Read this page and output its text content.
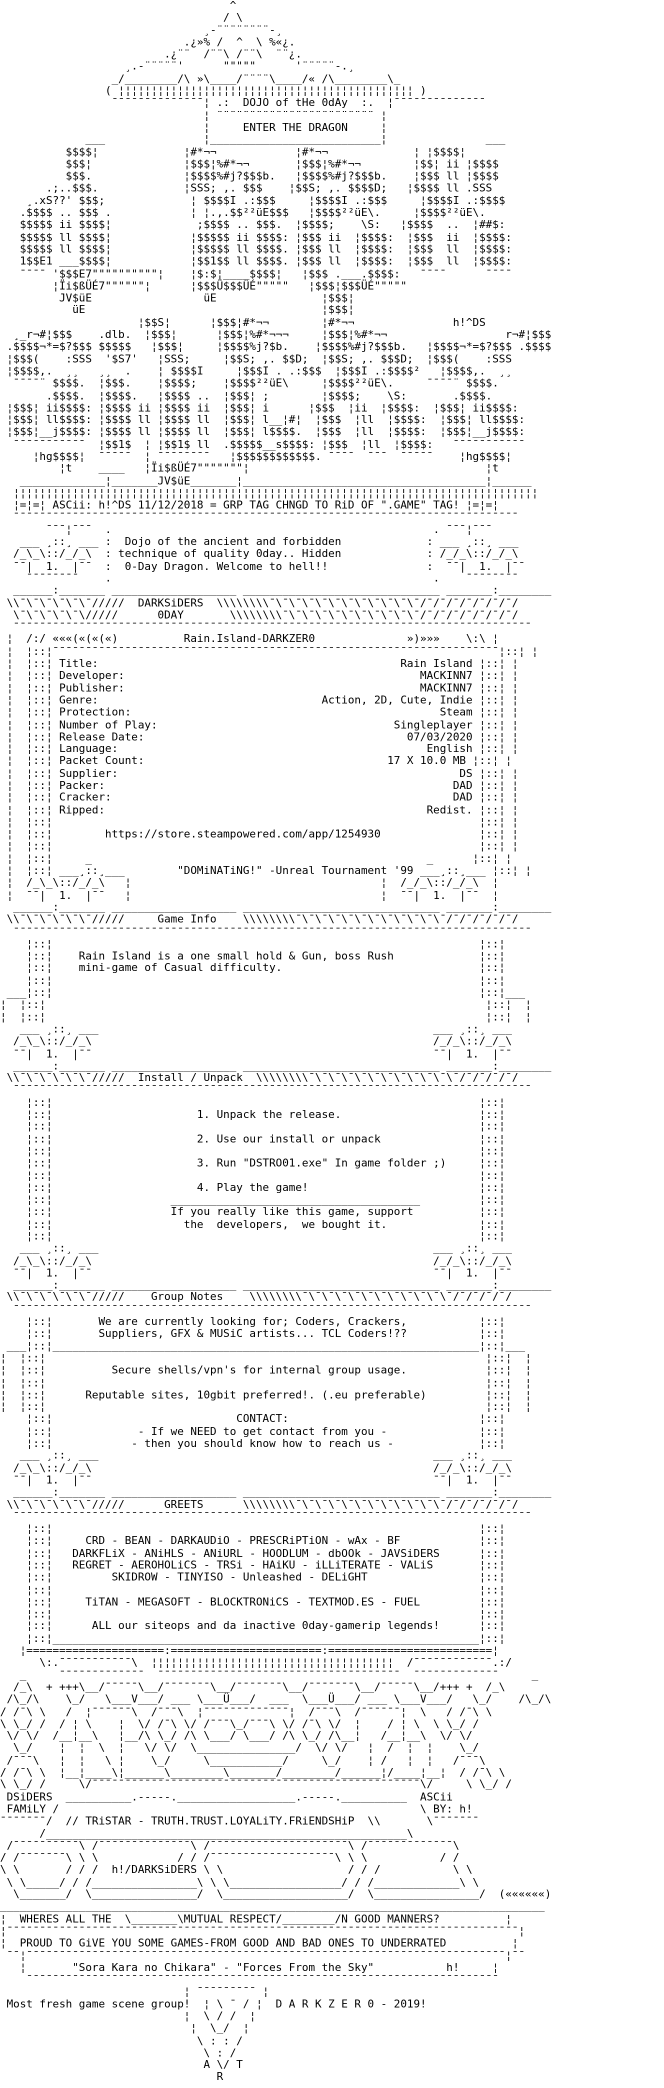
^
/ \
¸-¨¨¨¨¨¨¨¨-¸
.¿»% /  ^  \ %«¿.
.¿¨¨  /¨¨\ /¨¨\  ¨¨¿.
¸.-¨¨¨¨¨'      """""      '¨¨¨¨¨-.¸
_/________/\ »\____/¨¨¨¨\____/« /\________\_
( ¦¦¦¦¦¦¦¦¦¦¦¦¦¦¦¦¦¦¦¦¦¦¦¦¦¦¦¦¦¦¦¦¦¦¦¦¦¦¦¦¦¦¦¦¦ )
¯¯¯¯¯¯¯¯¯¯¯¯¯¯¦ .:  DOJO of tHe 0dAy  :.  ¦¯¯¯¯¯¯¯¯¯¯¯¯¯¯
¦ ¨¨¨¨¨¨¨¨¨¨¨¨¨¨¨¨¨¨¨¨¨¨¨¨ ¦
¦     ENTER THE DRAGON     ¦
___               ¦__________________________¦               ___
$$$$¦             ¦#*¬¬            ¦#*¬¬             ¦ ¦$$$$¦
$$$¦              ¦$$$¦%#*¬¬       ¦$$$¦%#*¬¬        ¦$$¦ ii ¦$$$$
$$$.              ¦$$$$%#j?$$$b.   ¦$$$$%#j?$$$b.    ¦$$$ ll ¦$$$$
.;..$$$.             ¦SSS; ,. $$$    ¦$$S; ,. $$$$D;   ¦$$$$ ll .SSS
¸.xS??' $$$;             ¦ $$$$I .:$$$     ¦$$$$I .:$$$     ¦$$$$I .:$$$$
.$$$$ .. $$$ .            ¦ ¦.,.$$²²üE$$$   ¦$$$$²²üE\.     ¦$$$$²²üE\.
$$$$$ ii $$$$¦             ;$$$$ .. $$$.  ¦$$$$;    \S:   ¦$$$$  ..  ¦##$:
$$$$$ ll $$$$¦            ¦$$$$$ ii $$$$: ¦$$$ ii  ¦$$$$:  ¦$$$  ii  ¦$$$$:
$$$$$ ll $$$$¦            ¦$$$$$ ll $$$$. ¦$$$ ll  ¦$$$$:  ¦$$$  ll  ¦$$$$:
1$$E1 ___$$$$¦            ¦$$1$$ ll $$$$. ¦$$$ ll  ¦$$$$:  ¦$$$  ll  ¦$$$$:
¯¯¯¯ '$$$E7""""""""""¦    ¦$:$¦____$$$$¦   ¦$$$ .___.$$$$:   ¯¯¯¯      ¯¯¯¯
¦Ïi$ßÜÉ7""""""¦      ¦$$$Ü$$$ÜÉ"""""   ¦$$$¦$$$ÜÉ"""""
JV$üE                 üE                ¦$$$¦
üE                                    ¦$$$¦
¦$$S¦      ¦$$$¦#*¬¬        ¦#*¬¬               h!^DS
¸_r¬#¦$$$    .dlb.  ¦$$$¦      ¦$$$¦%#*¬¬¬     ¦$$$¦%#*¬¬                  r¬#¦$$$
.$$$$¬*=$?$$$ $$$$$   ¦$$$¦     ¦$$$$%j?$b.    ¦$$$$%#j?$$$b.   ¦$$$$¬*=$?$$$ .$$$$
¦$$$(    :SSS  '$S7'   ¦SSS;     ¦$$S; ,. $$D;  ¦$$S; ,. $$$D;  ¦$$$(    :SSS
¦$$$$,.  ¸¸   ¸¸  .    ¦ $$$$I     ¦$$$I . .:$$$  ¦$$$I .:$$$$²   ¦$$$$,.  ¸¸
¯¯¯¯¨ $$$$.  ¦$$$.    ¦$$$$;    ¦$$$$²²üE\     ¦$$$$²²üE\.     ¯¯¯¯¨ $$$$.
.$$$$.  ¦$$$$.   ¦$$$$ ..  ¦$$$¦ ;        ¦$$$$;    \S:       .$$$$.
¦$$$¦ ii$$$$: ¦$$$$ ii ¦$$$$ ii  ¦$$$¦ i      ¦$$$  ¦ii  ¦$$$$:  ¦$$$¦ ii$$$$:
¦$$$¦ ll$$$$: ¦$$$$ ll ¦$$$$ ll  ¦$$$¦ l__¦#¦  ¦$$$  ¦ll  ¦$$$$:  ¦$$$¦ ll$$$$:
¦$$$¦__j$$$$: ¦$$$$ ll ¦$$$$ ll  ¦$$$¦ l$$$$.  ¦$$$  ¦ll  ¦$$$$:  ¦$$$¦__j$$$$:
¯¯¯¯¯¯¯¯¯¯¯  ¦$$1$  ¦ ¦$$1$ ll  .$$$$$__s$$$$: ¦$$$  ¦ll  ¦$$$$:   ¯¯¯¯¯¯¯¯¯¯¯
¦hg$$$$¦  ¯¯¯¯¯  ¦ ¯¯¯¯¯¯¯¯   ¦$$$$$$$$$$$$. ¯¯¯¯  ¯¯¯  ¯¯¯¯¯    ¦hg$$$$¦
¦t    ____   ¦Ïi$ßÜÉ7"""""""¦                                    ¦t
_____________¦_______JV$üE_______¦_____________________________________¦______
¦¦¦¦¦¦¦¦¦¦¦¦¦¦¦¦¦¦¦¦¦¦¦¦¦¦¦¦¦¦¦¦¦¦¦¦¦¦¦¦¦¦¦¦¦¦¦¦¦¦¦¦¦¦¦¦¦¦¦¦¦¦¦¦¦¦¦¦¦¦¦¦¦¦¦¦¦¦¦¦
¦=¦=¦ ASCii: h!^DS 11/12/2018 = GRP TAG CHNGD TO RiD OF ".GAME" TAG! ¦=¦=¦
¯¯¯¯¯¯¯¯¯¯¯¯¯¯¯¯¯¯¯¯¯¯¯¯¯¯¯¯¯¯¯¯¯¯¯¯¯¯¯¯¯¯¯¯¯¯¯¯¯¯¯¯¯¯¯¯¯¯¯¯¯¯¯¯¯¯¯¯¯¯¯¯¯¯¯¯¯
¯¯¯¦¯¯¯  .                                                 . ¯¯¯¦¯¯¯
___ ¸::¸ ___ :  Dojo of the ancient and forbidden             : ___ ¸::¸ ___
/_\_\::/_/_\  : technique of quality 0day.. Hidden             : /_/_\::/_/_\
¯¯|  1.  |¯¯  :  0-Day Dragon. Welcome to hell!!               :  ¯¯|  1.  |¯¯
¯¯¯¯¯¯¯¯    .                                                 .    ¯¯¯¯¯¯¯¯
______:_______ ___________________ ______________________________ _______:________
\\¯\¯\¯\¯\¯\¯/////  DARKSiDERS  \\\\\\\\¯\¯\¯\¯\¯\¯\¯\¯\¯\¯\¯\¯/¯/¯/¯/¯/¯/¯/¯/
\¯\¯\¯\¯\¯\/////      0DAY       \\\\\\\\¯\¯\¯\¯\¯\¯\¯\¯\¯\¯\¯/¯/¯/¯/¯/¯/¯/¯/
¯¯¯¯¯¯¯¯¯¯¯¯¯¯¯¯¯¯¯¯¯¯¯¯¯¯¯¯¯¯¯¯¯¯¯¯¯¯¯¯¯¯¯¯¯¯¯¯¯¯¯¯¯¯¯¯¯¯¯¯¯¯¯¯¯¯¯¯¯¯¯¯¯¯¯¯¯¯¯
¦  /:/ «««(«(«(«)          Rain.Island-DARKZER0              »)»»»    \:\ ¦
¦  ¦::¦¯¯¯¯¯¯¯¯¯¯¯¯¯¯¯¯¯¯¯¯¯¯¯¯¯¯¯¯¯¯¯¯¯¯¯¯¯¯¯¯¯¯¯¯¯¯¯¯¯¯¯¯¯¯¯¯¯¯¯¯¯¯¯¯¯¯¯¯¦::¦ ¦
¦  ¦::¦ Title:                                              Rain Island ¦::¦ ¦
¦  ¦::¦ Developer:                                             MACKINN7 ¦::¦ ¦
¦  ¦::¦ Publisher:                                             MACKINN7 ¦::¦ ¦
¦  ¦::¦ Genre:                                  Action, 2D, Cute, Indie ¦::¦ ¦
¦  ¦::¦ Protection:                                               Steam ¦::¦ ¦
¦  ¦::¦ Number of Play:                                    Singleplayer ¦::¦ ¦
¦  ¦::¦ Release Date:                                        07/03/2020 ¦::¦ ¦
¦  ¦::¦ Language:                                               English ¦::¦ ¦
¦  ¦::¦ Packet Count:                                     17 X 10.0 MB ¦::¦ ¦
¦  ¦::¦ Supplier:                                                    DS ¦::¦ ¦
¦  ¦::¦ Packer:                                                     DAD ¦::¦ ¦
¦  ¦::¦ Cracker:                                                    DAD ¦::¦ ¦
¦  ¦::¦ Ripped:                                                 Redist. ¦::¦ ¦
¦  ¦::¦                                                                 ¦::¦ ¦
¦  ¦::¦        https://store.steampowered.com/app/1254930               ¦::¦ ¦
¦  ¦::¦                                                                 ¦::¦ ¦
¦  ¦::¦     _                                                   _      ¦::¦ ¦
¦  ¦::¦ ___¸::¸___        "DOMiNATiNG!" -Unreal Tournament '99 ___¸::¸___ ¦::¦ ¦
¦  /_\_\::/_/_\   ¦                                      ¦  /_/_\::/_/_\  ¦
¦  ¯¯|  1.  |¯¯   ¦                                      ¦  ¯¯|  1.  |¯¯  ¦
______:_______ ___________________ ______________________________ _______:________
\\¯\¯\¯\¯\¯\¯/////     Game Info    \\\\\\\\¯\¯\¯\¯\¯\¯\¯\¯\¯\¯\¯\¯/¯/¯/¯/¯/¯/
¯¯¯¯¯¯¯¯¯¯¯¯¯¯¯¯¯¯¯¯¯¯¯¯¯¯¯¯¯¯¯¯¯¯¯¯¯¯¯¯¯¯¯¯¯¯¯¯¯¯¯¯¯¯¯¯¯¯¯¯¯¯¯¯¯¯¯¯¯¯¯¯¯¯¯¯¯¯¯
¦::¦                                                                 ¦::¦
¦::¦    Rain Island is a one small hold & Gun, boss Rush             ¦::¦
¦::¦    mini-game of Casual difficulty.                              ¦::¦
¦::¦                                                                 ¦::¦
___¦::¦                                                                 ¦::¦___
¦  ¦::¦                                                                   ¦::¦  ¦
¦  ¦::¦                                                                   ¦::¦  ¦
___ ¸::¸ ___                                                   ___ ¸::¸ ___
/_\_\::/_/_\                                                    /_/_\::/_/_\
¯¯|  1.  |¯¯                                                    ¯¯|  1.  |¯¯
______:_______ ___________________ ______________________________ _______:________
\\¯\¯\¯\¯\¯\¯/////  Install / Unpack  \\\\\\\\¯\¯\¯\¯\¯\¯\¯\¯\¯\¯\¯\¯/¯/¯/¯/¯/
¯¯¯¯¯¯¯¯¯¯¯¯¯¯¯¯¯¯¯¯¯¯¯¯¯¯¯¯¯¯¯¯¯¯¯¯¯¯¯¯¯¯¯¯¯¯¯¯¯¯¯¯¯¯¯¯¯¯¯¯¯¯¯¯¯¯¯¯¯¯¯¯¯¯¯¯¯¯¯
¦::¦                                                                 ¦::¦
¦::¦                      1. Unpack the release.                     ¦::¦
¦::¦                                                                 ¦::¦
¦::¦                      2. Use our install or unpack               ¦::¦
¦::¦                                                                 ¦::¦
¦::¦                      3. Run "DSTRO01.exe" In game folder ;)     ¦::¦
¦::¦                                                                 ¦::¦
¦::¦                      4. Play the game!                          ¦::¦
¦::¦                  ______________________________________         ¦::¦
¦::¦                  If you really like this game, support          ¦::¦
¦::¦                    the  developers,  we bought it.              ¦::¦
¦::¦                                                                 ¦::¦
___ ¸::¸ ___                                                   ___ ¸::¸ ___
/_\_\::/_/_\                                                    /_/_\::/_/_\
¯¯|  1.  |¯¯                                                    ¯¯|  1.  |¯¯
______:_______ ___________________ ______________________________ _______:________
\\¯\¯\¯\¯\¯\¯/////    Group Notes    \\\\\\\\¯\¯\¯\¯\¯\¯\¯\¯\¯\¯\¯\¯/¯/¯/¯/¯/
¯¯¯¯¯¯¯¯¯¯¯¯¯¯¯¯¯¯¯¯¯¯¯¯¯¯¯¯¯¯¯¯¯¯¯¯¯¯¯¯¯¯¯¯¯¯¯¯¯¯¯¯¯¯¯¯¯¯¯¯¯¯¯¯¯¯¯¯¯¯¯¯¯¯¯¯¯¯¯
¦::¦       We are currently looking for; Coders, Crackers,           ¦::¦
¦::¦       Suppliers, GFX & MUSiC artists... TCL Coders!??           ¦::¦
___¦::¦_________________________________________________________________¦::¦___
¦  ¦::¦                                                                   ¦::¦  ¦
¦  ¦::¦          Secure shells/vpn's for internal group usage.            ¦::¦  ¦
¦  ¦::¦                                                                   ¦::¦  ¦
¦  ¦::¦      Reputable sites, 10gbit preferred!. (.eu preferable)         ¦::¦  ¦
¦  ¦::¦                                                                   ¦::¦  ¦
¦::¦                            CONTACT:                             ¦::¦
¦::¦             - If we NEED to get contact from you -              ¦::¦
¦::¦            - then you should know how to reach us -             ¦::¦
___ ¸::¸ ___                                                   ___ ¸::¸ ___
/_\_\::/_/_\                                                    /_/_\::/_/_\
¯¯|  1.  |¯¯                                                    ¯¯|  1.  |¯¯
______:_______ ___________________ ______________________________ _______:________
\\¯\¯\¯\¯\¯\¯/////      GREETS      \\\\\\\\¯\¯\¯\¯\¯\¯\¯\¯\¯\¯\¯\¯/¯/¯/¯/¯/¯/
¯¯¯¯¯¯¯¯¯¯¯¯¯¯¯¯¯¯¯¯¯¯¯¯¯¯¯¯¯¯¯¯¯¯¯¯¯¯¯¯¯¯¯¯¯¯¯¯¯¯¯¯¯¯¯¯¯¯¯¯¯¯¯¯¯¯¯¯¯¯¯¯¯¯¯¯¯¯¯
¦::¦                                                                 ¦::¦
¦::¦     CRD - BEAN - DARKAUDiO - PRESCRiPTiON - wAx - BF            ¦::¦
¦::¦   DARKFLiX - ANiHLS - ANiURL - HOODLUM - dbOOk - JAVSiDERS      ¦::¦
¦::¦   REGRET - AEROHOLiCS - TRSi - HAiKU - iLLiTERATE - VALiS       ¦::¦
¦::¦         SKIDROW - TINYISO - Unleashed - DELiGHT                 ¦::¦
¦::¦                                                                 ¦::¦
¦::¦     TiTAN - MEGASOFT - BLOCKTRONiCS - TEXTMOD.ES - FUEL         ¦::¦
¦::¦                                                                 ¦::¦
¦::¦      ALL our siteops and da inactive 0day-gamerip legends!      ¦::¦
¦::¦_________________________________________________________________¦::¦
¦=====================:=======================:=========================¦
\:.¯¯¯¯¯¯¯¯¯¯¯\  ¦¦¦¦¦¦¦¦¦¦¦¦¦¦¦¦¦¦¦¦¦¦¦¦¦¦¦¦¦¦¦¦¦¦¦¦¦  /¯¯¯¯¯¯¯¯¯¯¯¯.:/
_     ¯¯¯¯¯¯¯¯¯¯¯¯¯  ¯¯¯¯¯¯¯¯¯¯¯¯¯¯¯¯¯¯¯¯¯¯¯¯¯¯¯¯¯¯¯¯¯¯¯¯¯  ¯¯¯¯¯¯¯¯¯¯¯¯¯     _
/_\  + +++\__/¯¯¯¯¯\__/¯¯¯¯¯¯¯\__/¯¯¯¯¯¯¯\__/¯¯¯¯¯¯¯\__/¯¯¯¯¯\__/+++ +  /_\
/\_/\    \_/   \___V___/ ___ \___Ü___/  ___  \___Ü___/ ___ \___V___/   \_/    /\_/\
/ /¯\ \   /  ¦¯¯¯¯¯¯\  /¯¯¯\  ¦¯¯¯¯¯¯¯¯¯¯¯¯¯¦  /¯¯¯\  /¯¯¯¯¯¯¦  \   / /¯\ \
\ \_/ /  / ¦ \    ¦  \/ /¯\ \/ /¯¯¯\_/¯¯¯\ \/ /¯\ \/  ¦    / ¦ \  \ \_/ /
\/ \/  /__¦__\   ¦__/\ \_/ /\ \___/ \___/ /\ \_/ /\__¦   /__¦__\  \/ \/
\_/    ¦  ¦  \  ¦   \/ \/  \_______________/  \/ \/   ¦  /  ¦  ¦    \_/
/¯¯¯\   ¦  ¦   \ ¦    \_/     \___________/     \_/    ¦ /   ¦  ¦   /¯¯¯\
/ /¯\ \  ¦__¦____\¦______\________\_______/________/______¦/____¦__¦  / /¯\ \
\ \_/ /     \/¯¯¯¯¯¯¯¯¯¯¯¯¯¯¯¯¯¯¯¯¯¯¯¯¯¯¯¯¯¯¯¯¯¯¯¯¯¯¯¯¯¯¯¯¯¯¯¯¯¯\/     \ \_/ /
DSiDERS  __________.-----.__________________.-----.__________  ASCii
FAMiLY /                                                       \ BY: h!
¯¯¯¯¯¯¯/  // TRiSTAR - TRUTH.TRUST.LOYALiTY.FRiENDSHiP  \\       \¯¯¯¯¯¯¯
/_______________________________________________________\
/¯¯¯¯¯¯¯¯¯¯\ /¯¯¯¯¯¯¯¯¯¯¯¯¯¯\ /¯¯¯¯¯¯¯¯¯¯¯¯¯¯¯¯¯¯¯¯¯\ /¯¯¯¯¯¯¯¯¯¯¯¯¯\
/ /¯¯¯¯¯¯¯\ \ \            / / /¯¯¯¯¯¯¯¯¯¯¯¯¯¯¯¯¯¯¯\ \ \           / /
\ \       / / /  h!/DARKSiDERS \ \                   / / /           \ \
\ \_____/ / /________________\ \ \_________________/ / /_____________\ \
\_______/  \________________/  \___________________/  \________________/  (««««««)
___________________________________________________________________________________
¦  WHERES ALL THE  \_______\MUTUAL RESPECT/________/N GOOD MANNERS?          ¦
¦¯¯¯¯¯¯¯¯¯¯¯¯¯¯¯¯¯¯¯¯¯¯¯¯¯¯¯¯¯¯¯¯¯¯¯¯¯¯¯¯¯¯¯¯¯¯¯¯¯¯¯¯¯¯¯¯¯¯¯¯¯¯¯¯¯¯¯¯¯¯¯¯¯¯¯¯¯¯¦
¦  PROUD TO GiVE YOU SOME GAMES-FROM GOOD AND BAD ONES TO UNDERRATED          ¦
¯¯¦¯¯¯¯¯¯¯¯¯¯¯¯¯¯¯¯¯¯¯¯¯¯¯¯¯¯¯¯¯¯¯¯¯¯¯¯¯¯¯¯¯¯¯¯¯¯¯¯¯¯¯¯¯¯¯¯¯¯¯¯¯¯¯¯¯¯¯¯¯¯¯¯¯¦¯¯
¦       "Sora Kara no Chikara" - "Forces From the Sky"           h!     ¦
¯¯¯¯¯¯¯¯¯¯¯¯¯¯¯¯¯¯¯¯¯¯¯¯¯¯¯¯¯¯¯¯¯¯¯¯¯¯¯¯¯¯¯¯¯¯¯¯¯¯¯¯¯¯¯¯¯¯¯¯¯¯¯¯¯¯¯¯¯¯¯¯
¦ ¯¯¯¯¯¯¯¯¯ ¦
Most fresh game scene group!  ¦ \ ¯ / ¦  D A R K Z E R 0 - 2019!
¦  \ / /  ¦
¦  \_/  ¦
\ : : /
\ : /
A \/ T
R
